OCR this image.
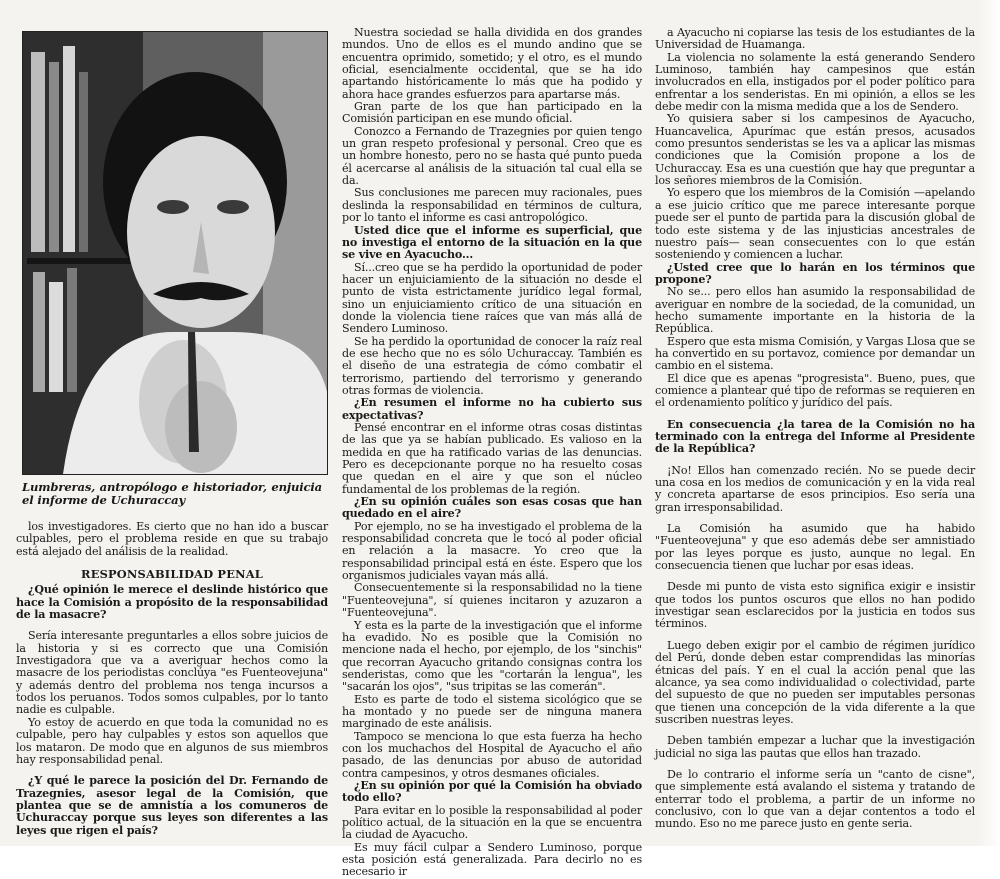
Lumbreras, antropólogo e historiador, enjuicia el informe de Uchuraccay

los investigadores. Es cierto que no han ido a buscar culpables, pero el problema reside en que su trabajo está alejado del análisis de la realidad.

RESPONSABILIDAD PENAL

¿Qué opinión le merece el deslinde histórico que hace la Comisión a propósito de la responsabilidad de la masacre?

Sería interesante preguntarles a ellos sobre juicios de la historia y si es correcto que una Comisión Investigadora que va a averiguar hechos como la masacre de los periodistas conclúya "es Fuenteovejuna" y además dentro del problema nos tenga incursos a todos los peruanos. Todos somos culpables, por lo tanto nadie es culpable.

Yo estoy de acuerdo en que toda la comunidad no es culpable, pero hay culpables y estos son aquellos que los mataron. De modo que en algunos de sus miembros hay responsabilidad penal.

¿Y qué le parece la posición del Dr. Fernando de Trazegnies, asesor legal de la Comisión, que plantea que se de amnistía a los comuneros de Uchuraccay porque sus leyes son diferentes a las leyes que rigen el país?

Nuestra sociedad se halla dividida en dos grandes mundos. Uno de ellos es el mundo andino que se encuentra oprimido, sometido; y el otro, es el mundo oficial, esencialmente occidental, que se ha ido apartando históricamente lo más que ha podido y ahora hace grandes esfuerzos para apartarse más.

Gran parte de los que han participado en la Comisión participan en ese mundo oficial.

Conozco a Fernando de Trazegnies por quien tengo un gran respeto profesional y personal. Creo que es un hombre honesto, pero no se hasta qué punto pueda él acercarse al análisis de la situación tal cual ella se da.

Sus conclusiones me parecen muy racionales, pues deslinda la responsabilidad en términos de cultura, por lo tanto el informe es casi antropológico.

Usted dice que el informe es superficial, que no investiga el entorno de la situación en la que se vive en Ayacucho...

Sí...creo que se ha perdido la oportunidad de poder hacer un enjuiciamiento de la situación no desde el punto de vista estrictamente jurídico legal formal, sino un enjuiciamiento crítico de una situación en donde la violencia tiene raíces que van más allá de Sendero Luminoso.

Se ha perdido la oportunidad de conocer la raíz real de ese hecho que no es sólo Uchuraccay. También es el diseño de una estrategia de cómo combatir el terrorismo, partiendo del terrorismo y generando otras formas de violencia.

¿En resumen el informe no ha cubierto sus expectativas?

Pensé encontrar en el informe otras cosas distintas de las que ya se habían publicado. Es valioso en la medida en que ha ratificado varias de las denuncias. Pero es decepcionante porque no ha resuelto cosas que quedan en el aire y que son el núcleo fundamental de los problemas de la región.

¿En su opinión cuáles son esas cosas que han quedado en el aire?

Por ejemplo, no se ha investigado el problema de la responsabilidad concreta que le tocó al poder oficial en relación a la masacre. Yo creo que la responsabilidad principal está en éste. Espero que los organismos judiciales vayan más allá.

Consecuentemente si la responsabilidad no la tiene "Fuenteovejuna", sí quienes incitaron y azuzaron a "Fuenteovejuna".

Y esta es la parte de la investigación que el informe ha evadido. No es posible que la Comisión no mencione nada el hecho, por ejemplo, de los "sinchis" que recorran Ayacucho gritando consignas contra los senderistas, como que les "cortarán la lengua", les "sacarán los ojos", "sus tripitas se las comerán".

Esto es parte de todo el sistema sicológico que se ha montado y no puede ser de ninguna manera marginado de este análisis.

Tampoco se menciona lo que esta fuerza ha hecho con los muchachos del Hospital de Ayacucho el año pasado, de las denuncias por abuso de autoridad contra campesinos, y otros desmanes oficiales.

¿En su opinión por qué la Comisión ha obviado todo ello?

Para evitar en lo posible la responsabilidad al poder político actual, de la situación en la que se encuentra la ciudad de Ayacucho.

Es muy fácil culpar a Sendero Luminoso, porque esta posición está generalizada. Para decirlo no es necesario ir

a Ayacucho ni copiarse las tesis de los estudiantes de la Universidad de Huamanga.

La violencia no solamente la está generando Sendero Luminoso, también hay campesinos que están involucrados en ella, instigados por el poder político para enfrentar a los senderistas. En mi opinión, a ellos se les debe medir con la misma medida que a los de Sendero.

Yo quisiera saber si los campesinos de Ayacucho, Huancavelica, Apurímac que están presos, acusados como presuntos senderistas se les va a aplicar las mismas condiciones que la Comisión propone a los de Uchuraccay. Esa es una cuestión que hay que preguntar a los señores miembros de la Comisión.

Yo espero que los miembros de la Comisión —apelando a ese juicio crítico que me parece interesante porque puede ser el punto de partida para la discusión global de todo este sistema y de las injusticias ancestrales de nuestro país— sean consecuentes con lo que están sosteniendo y comiencen a luchar.

¿Usted cree que lo harán en los términos que propone?

No se... pero ellos han asumido la responsabilidad de averiguar en nombre de la sociedad, de la comunidad, un hecho sumamente importante en la historia de la República.

Espero que esta misma Comisión, y Vargas Llosa que se ha convertido en su portavoz, comience por demandar un cambio en el sistema.

El dice que es apenas "progresista". Bueno, pues, que comience a plantear qué tipo de reformas se requieren en el ordenamiento político y jurídico del país.

En consecuencia ¿la tarea de la Comisión no ha terminado con la entrega del Informe al Presidente de la República?

¡No! Ellos han comenzado recién. No se puede decir una cosa en los medios de comunicación y en la vida real y concreta apartarse de esos principios. Eso sería una gran irresponsabilidad.

La Comisión ha asumido que ha habido "Fuenteovejuna" y que eso además debe ser amnistiado por las leyes porque es justo, aunque no legal. En consecuencia tienen que luchar por esas ideas.

Desde mi punto de vista esto significa exigir e insistir que todos los puntos oscuros que ellos no han podido investigar sean esclarecidos por la justicia en todos sus términos.

Luego deben exigir por el cambio de régimen jurídico del Perú, donde deben estar comprendidas las minorías étnicas del país. Y en el cual la acción penal que las alcance, ya sea como individualidad o colectividad, parte del supuesto de que no pueden ser imputables personas que tienen una concepción de la vida diferente a la que suscriben nuestras leyes.

Deben también empezar a luchar que la investigación judicial no siga las pautas que ellos han trazado.

De lo contrario el informe sería un "canto de cisne", que simplemente está avalando el sistema y tratando de enterrar todo el problema, a partir de un informe no conclusivo, con lo que van a dejar contentos a todo el mundo. Eso no me parece justo en gente seria.
